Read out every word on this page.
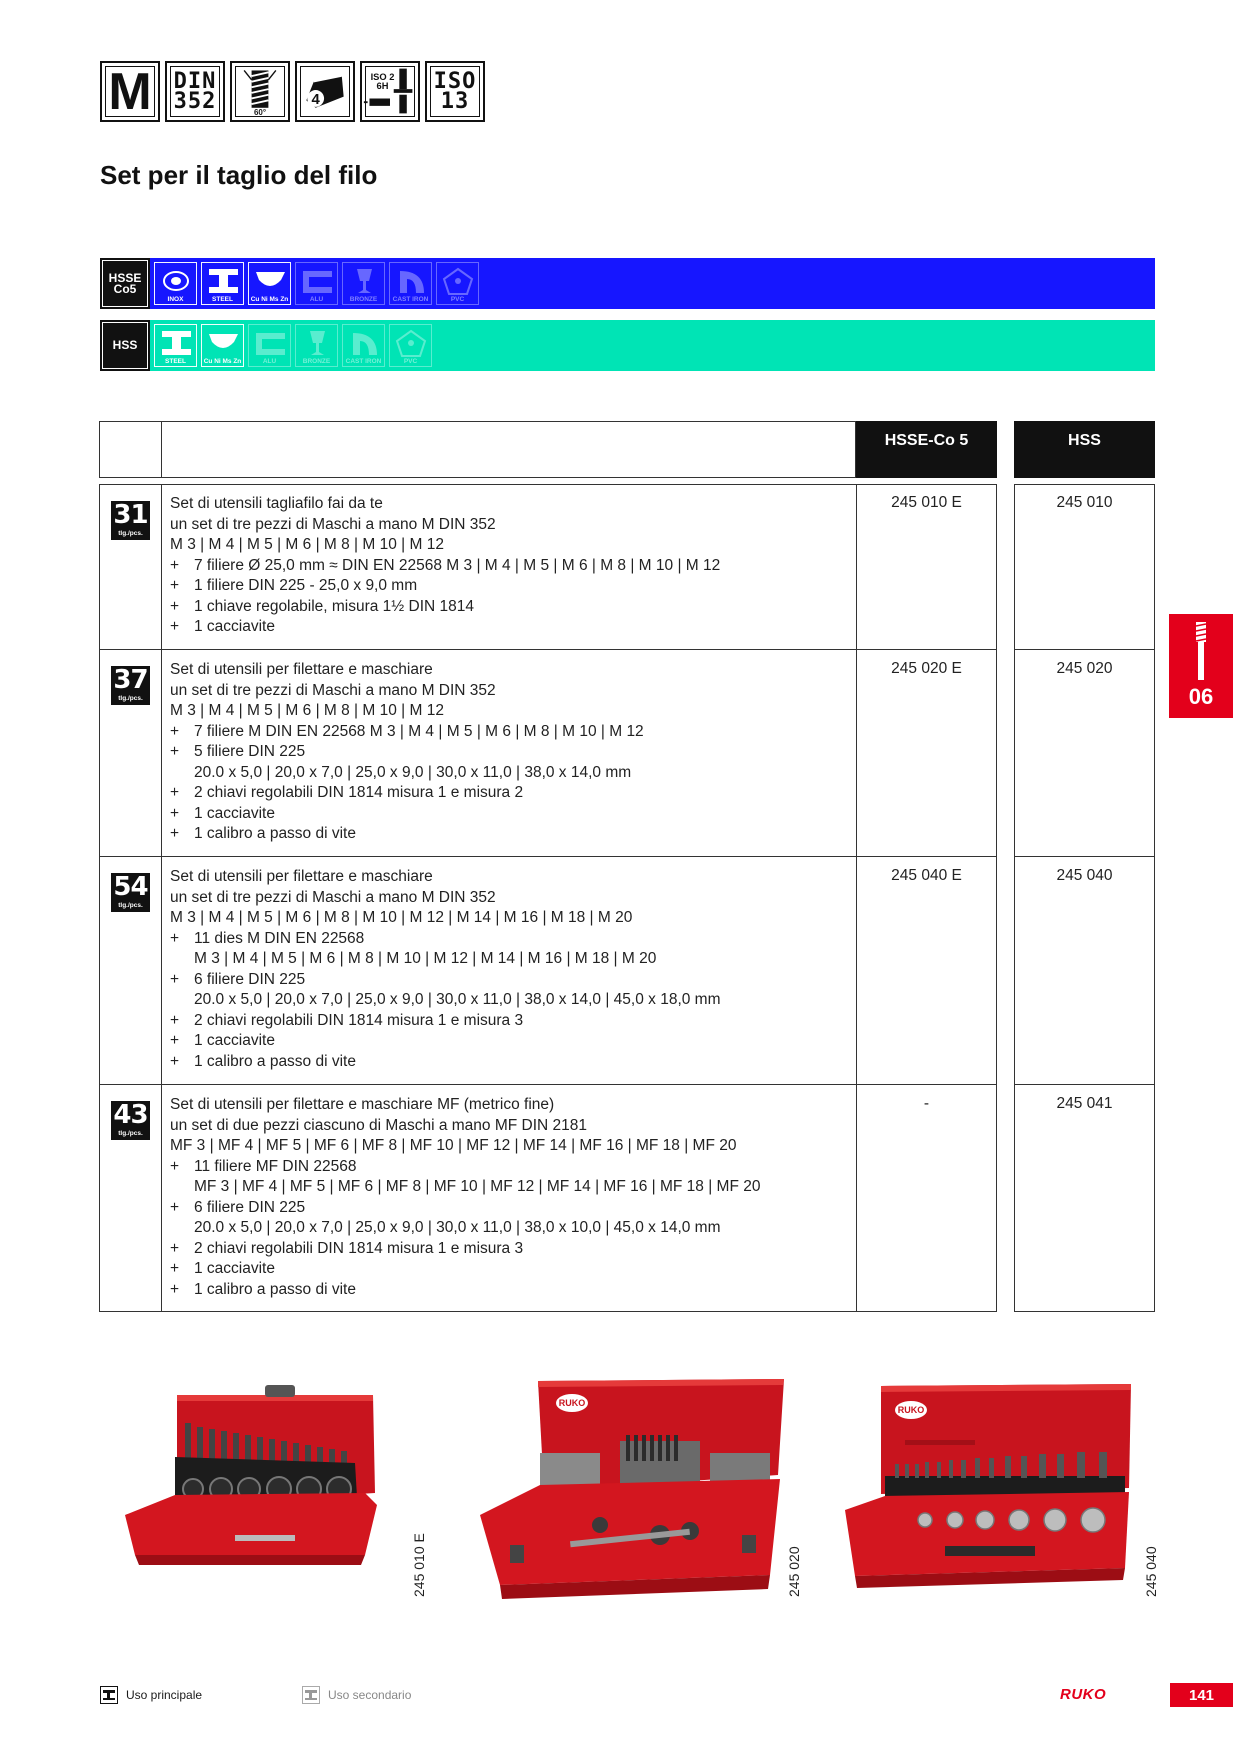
M DIN
352	60°
4
ISO 2
6H ISO
13
Set per il taglio del filo
HSSE
Co5
INOX	STEEL	Cu Ni Ms Zn	ALU	BRONZE	CAST IRON	PVC
HSS
STEEL	Cu Ni Ms Zn	ALU	BRONZE	CAST IRON	PVC
HSSE-Co 5	HSS
31
tlg./pcs.
Set di utensili tagliafilo fai da te
un set di tre pezzi di Maschi a mano M DIN 352
M 3 | M 4 | M 5 | M 6 | M 8 | M 10 | M 12
+ 7 filiere Ø 25,0 mm ≈ DIN EN 22568 M 3 | M 4 | M 5 | M 6 | M 8 | M 10 | M 12
+ 1 filiere DIN 225 - 25,0 x 9,0 mm
+ 1 chiave regolabile, misura 1½ DIN 1814
+ 1 cacciavite
245 010 E	245 010
37
tlg./pcs.
Set di utensili per filettare e maschiare
un set di tre pezzi di Maschi a mano M DIN 352
M 3 | M 4 | M 5 | M 6 | M 8 | M 10 | M 12
+ 7 filiere M DIN EN 22568 M 3 | M 4 | M 5 | M 6 | M 8 | M 10 | M 12
+ 5 filiere DIN 225
20.0 x 5,0 | 20,0 x 7,0 | 25,0 x 9,0 | 30,0 x 11,0 | 38,0 x 14,0 mm
+ 2 chiavi regolabili DIN 1814 misura 1 e misura 2
+ 1 cacciavite
+ 1 calibro a passo di vite
245 020 E	245 020
54
tlg./pcs.
Set di utensili per filettare e maschiare
un set di tre pezzi di Maschi a mano M DIN 352
M 3 | M 4 | M 5 | M 6 | M 8 | M 10 | M 12 | M 14 | M 16 | M 18 | M 20
+ 11 dies M DIN EN 22568
M 3 | M 4 | M 5 | M 6 | M 8 | M 10 | M 12 | M 14 | M 16 | M 18 | M 20
+ 6 filiere DIN 225
20.0 x 5,0 | 20,0 x 7,0 | 25,0 x 9,0 | 30,0 x 11,0 | 38,0 x 14,0 | 45,0 x 18,0 mm
+ 2 chiavi regolabili DIN 1814 misura 1 e misura 3
+ 1 cacciavite
+ 1 calibro a passo di vite
245 040 E	245 040
43
tlg./pcs.
Set di utensili per filettare e maschiare MF (metrico fine)
un set di due pezzi ciascuno di Maschi a mano MF DIN 2181
MF 3 | MF 4 | MF 5 | MF 6 | MF 8 | MF 10 | MF 12 | MF 14 | MF 16 | MF 18 | MF 20
+ 11 filiere MF DIN 22568
MF 3 | MF 4 | MF 5 | MF 6 | MF 8 | MF 10 | MF 12 | MF 14 | MF 16 | MF 18 | MF 20
+ 6 filiere DIN 225
20.0 x 5,0 | 20,0 x 7,0 | 25,0 x 9,0 | 30,0 x 11,0 | 38,0 x 10,0 | 45,0 x 14,0 mm
+ 2 chiavi regolabili DIN 1814 misura 1 e misura 3
+ 1 cacciavite
+ 1 calibro a passo di vite
-	245 041
06
245 010 E
RUKO
245 020
RUKO
245 040
Uso principale	Uso secondario	RUKO	141
